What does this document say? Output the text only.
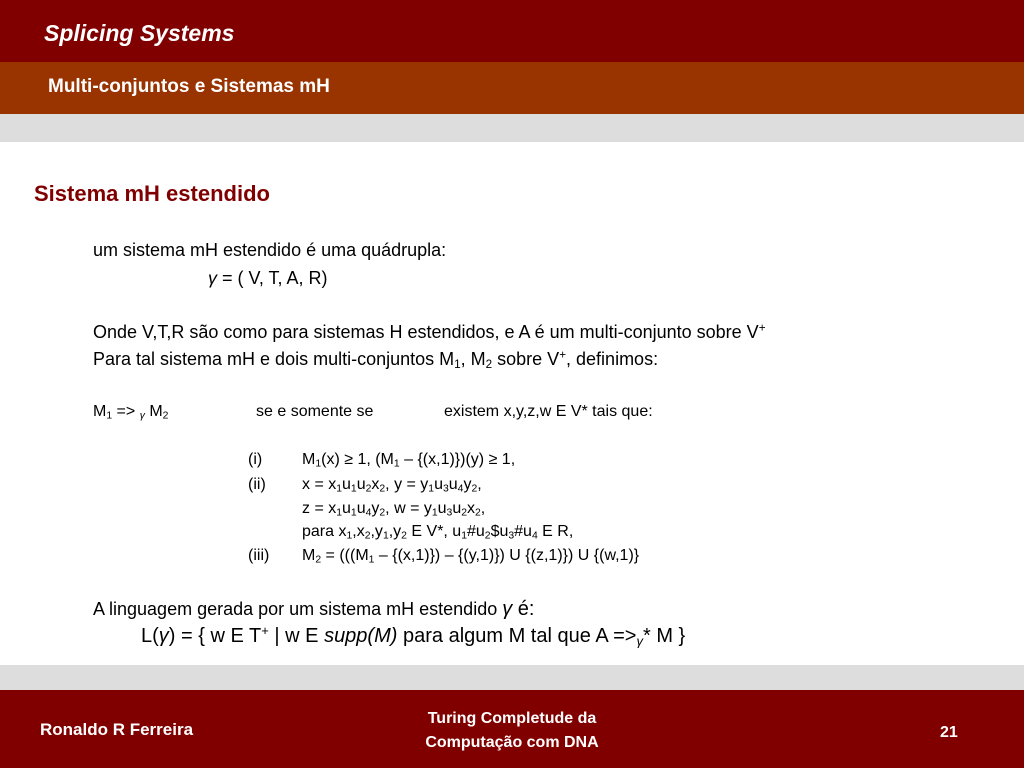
Splicing Systems
Multi-conjuntos e Sistemas mH
Sistema mH estendido
um sistema mH estendido é uma quádrupla:
γ = ( V, T, A, R)
Onde V,T,R são como para sistemas H estendidos, e A é um multi-conjunto sobre V+
Para tal sistema mH e dois multi-conjuntos $M_1$, $M_2$ sobre V+, definimos:
$M_1 => _\gamma$ $M_2$	se e somente se	existem x,y,z,w E V* tais que:
(i) $M_1(x) \ge 1$, $(M_1 - \{(x,1)\})(y) \ge 1$,
(ii) $x = x_1u_1u_2x_2$, $y = y_1u_3u_4y_2$,
$z = x_1u_1u_4y_2$, $w = y_1u_3u_2x_2$,
para $x_1,x_2,y_1,y_2$ E V*, $u_1\#u_2\$u_3\#u_4$ E R,
(iii) $M_2 = (((M_1 - \{(x,1)\}) - \{(y,1)\})$ U {(z,1)}) U {(w,1)}
A linguagem gerada por um sistema mH estendido γ é:
L(γ) = { w E T+ | w E supp(M) para algum M tal que $A =>_\gamma*$ M }
Ronaldo R Ferreira
Turing Completude da
Computação com DNA
21
